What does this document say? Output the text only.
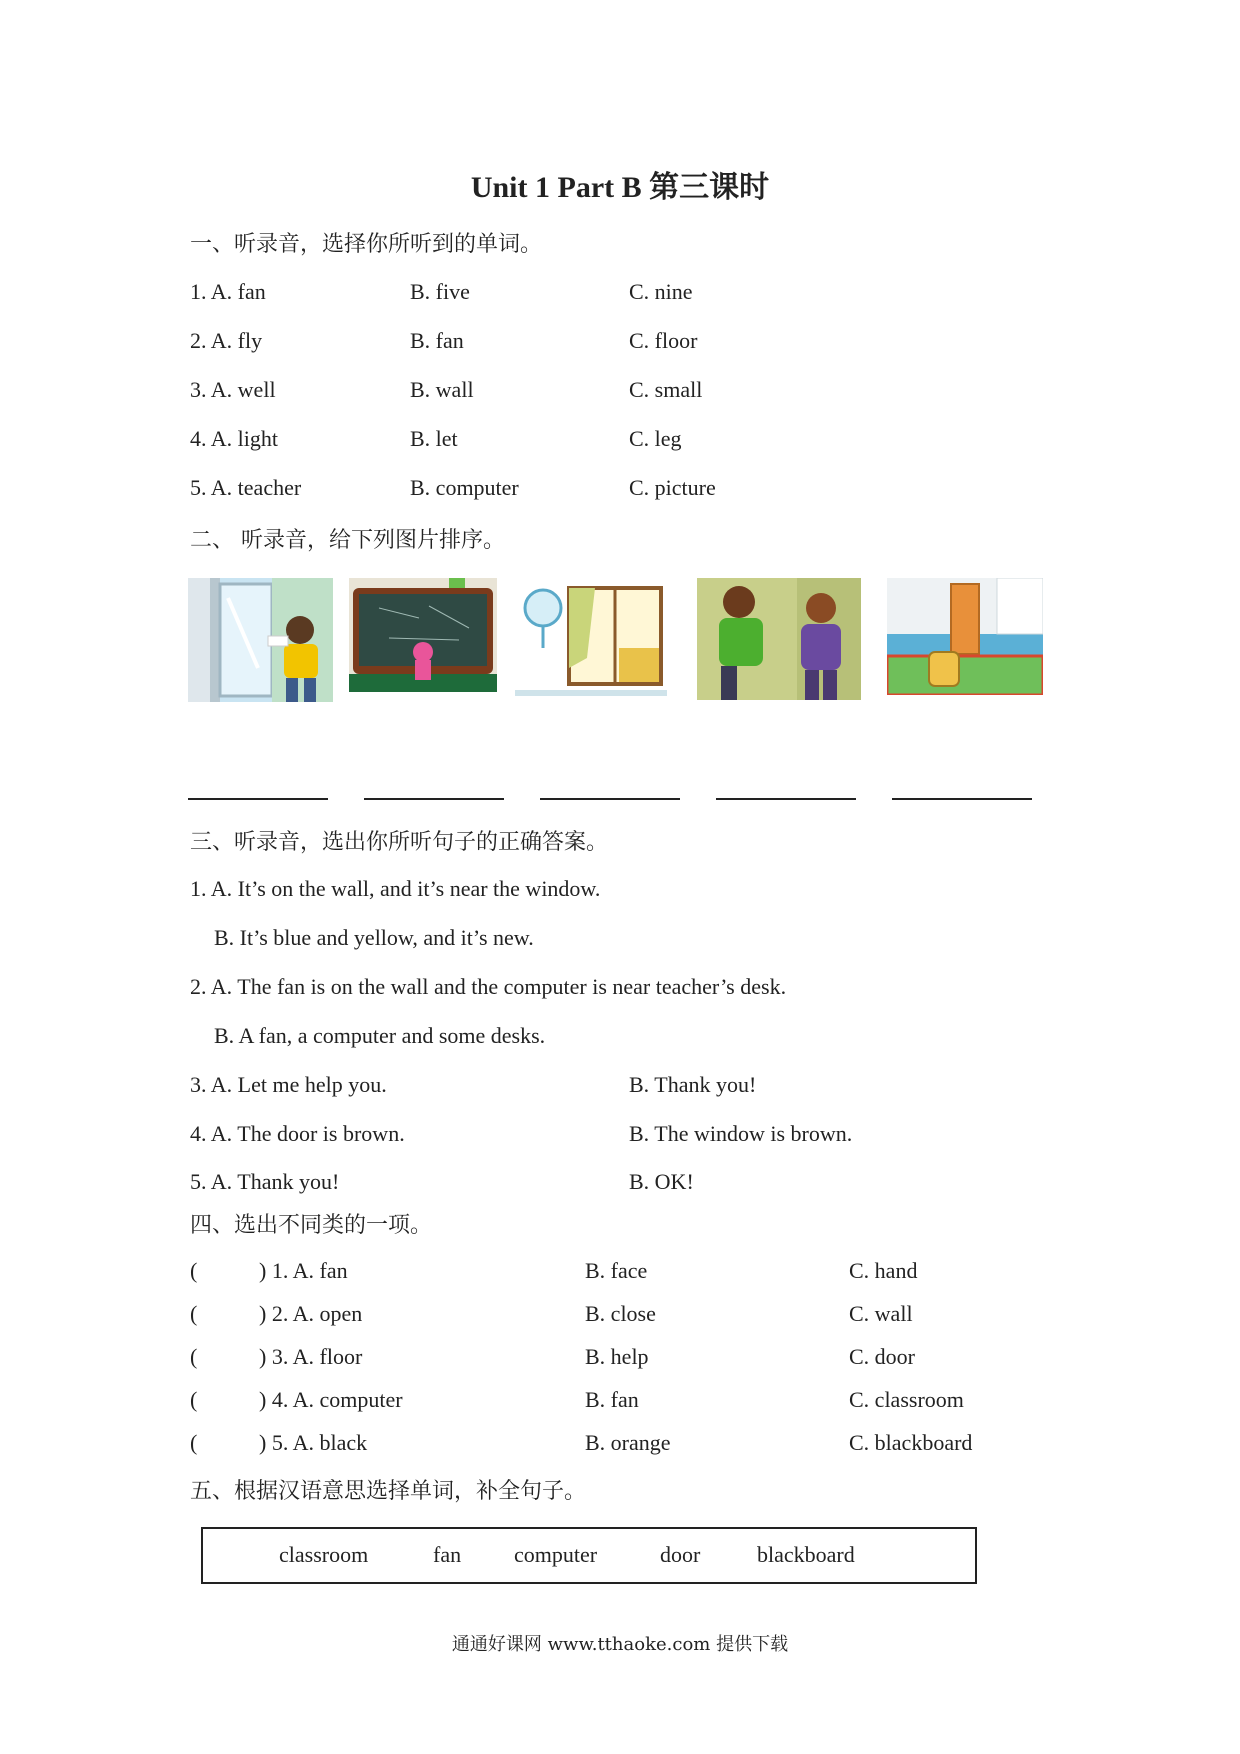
Unit 1 Part B 第三课时
一、听录音，选择你所听到的单词。
1. A. fan	B. five	C. nine
2. A. fly	B. fan	C. floor
3. A. well	B. wall	C. small
4. A. light	B. let	C. leg
5. A. teacher	B. computer	C. picture
二、 听录音，给下列图片排序。
三、听录音，选出你所听句子的正确答案。
1. A. It’s on the wall, and it’s near the window.
B. It’s blue and yellow, and it’s new.
2. A. The fan is on the wall and the computer is near teacher’s desk.
B. A fan, a computer and some desks.
3. A. Let me help you.	B. Thank you!
4. A. The door is brown.	B. The window is brown.
5. A. Thank you!	B. OK!
四、选出不同类的一项。
(	) 1. A. fan	B. face	C. hand
(	) 2. A. open	B. close	C. wall
(	) 3. A. floor	B. help	C. door
(	) 4. A. computer	B. fan	C. classroom
(	) 5. A. black	B. orange	C. blackboard
五、根据汉语意思选择单词，补全句子。
classroom	fan computer	door	blackboard
通通好课网 www.tthaoke.com 提供下载
